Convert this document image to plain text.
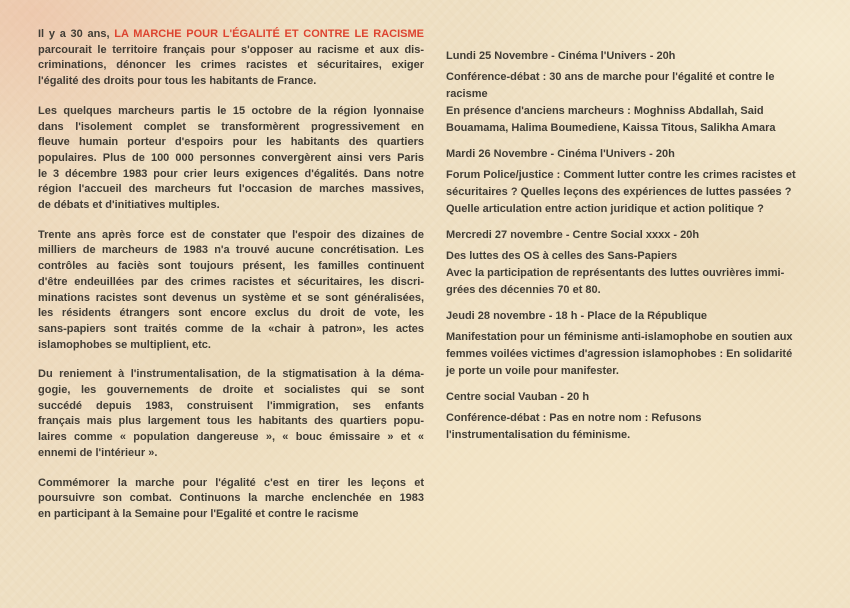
Il y a 30 ans, LA MARCHE POUR L'ÉGALITÉ ET CONTRE LE RACISME
parcourait le territoire français pour s'opposer au racisme et aux dis-
criminations, dénoncer les crimes racistes et sécuritaires, exiger
l'égalité des droits pour tous les habitants de France.
Les quelques marcheurs partis le 15 octobre de la région lyonnaise
dans l'isolement complet se transformèrent progressivement en
fleuve humain porteur d'espoirs pour les habitants des quartiers
populaires. Plus de 100 000 personnes convergèrent ainsi vers Paris
le 3 décembre 1983 pour crier leurs exigences d'égalités. Dans notre
région l'accueil des marcheurs fut l'occasion de marches massives,
de débats et d'initiatives multiples.
Trente ans après force est de constater que l'espoir des dizaines de
milliers de marcheurs de 1983 n'a trouvé aucune concrétisation. Les
contrôles au faciès sont toujours présent, les familles continuent
d'être endeuillées par des crimes racistes et sécuritaires, les discri-
minations racistes sont devenus un système et se sont généralisées,
les résidents étrangers sont encore exclus du droit de vote, les
sans-papiers sont traités comme de la «chair à patron», les actes
islamophobes se multiplient, etc.
Du reniement à l'instrumentalisation, de la stigmatisation à la déma-
gogie, les gouvernements de droite et socialistes qui se sont
succédé depuis 1983, construisent l'immigration, ses enfants
français mais plus largement tous les habitants des quartiers popu-
laires comme « population dangereuse », « bouc émissaire » et «
ennemi de l'intérieur ».
Commémorer la marche pour l'égalité c'est en tirer les leçons et
poursuivre son combat. Continuons la marche enclenchée en 1983
en participant à la Semaine pour l'Egalité et contre le racisme
Lundi 25 Novembre - Cinéma l'Univers - 20h
Conférence-débat : 30 ans de marche pour l'égalité et contre le
racisme
En présence d'anciens marcheurs : Moghniss Abdallah, Said
Bouamama, Halima Boumediene, Kaissa Titous, Salikha Amara
Mardi 26 Novembre - Cinéma l'Univers - 20h
Forum Police/justice : Comment lutter contre les crimes racistes et
sécuritaires ? Quelles leçons des expériences de luttes passées ?
Quelle articulation entre action juridique et action politique ?
Mercredi 27 novembre - Centre Social xxxx - 20h
Des luttes des OS à celles des Sans-Papiers
Avec la participation de représentants des luttes ouvrières immi-
grées des décennies 70 et 80.
Jeudi 28 novembre - 18 h - Place de la République
Manifestation pour un féminisme anti-islamophobe en soutien aux
femmes voilées victimes d'agression islamophobes : En solidarité
je porte un voile pour manifester.
Centre social Vauban - 20 h
Conférence-débat : Pas en notre nom : Refusons
l'instrumentalisation du féminisme.
